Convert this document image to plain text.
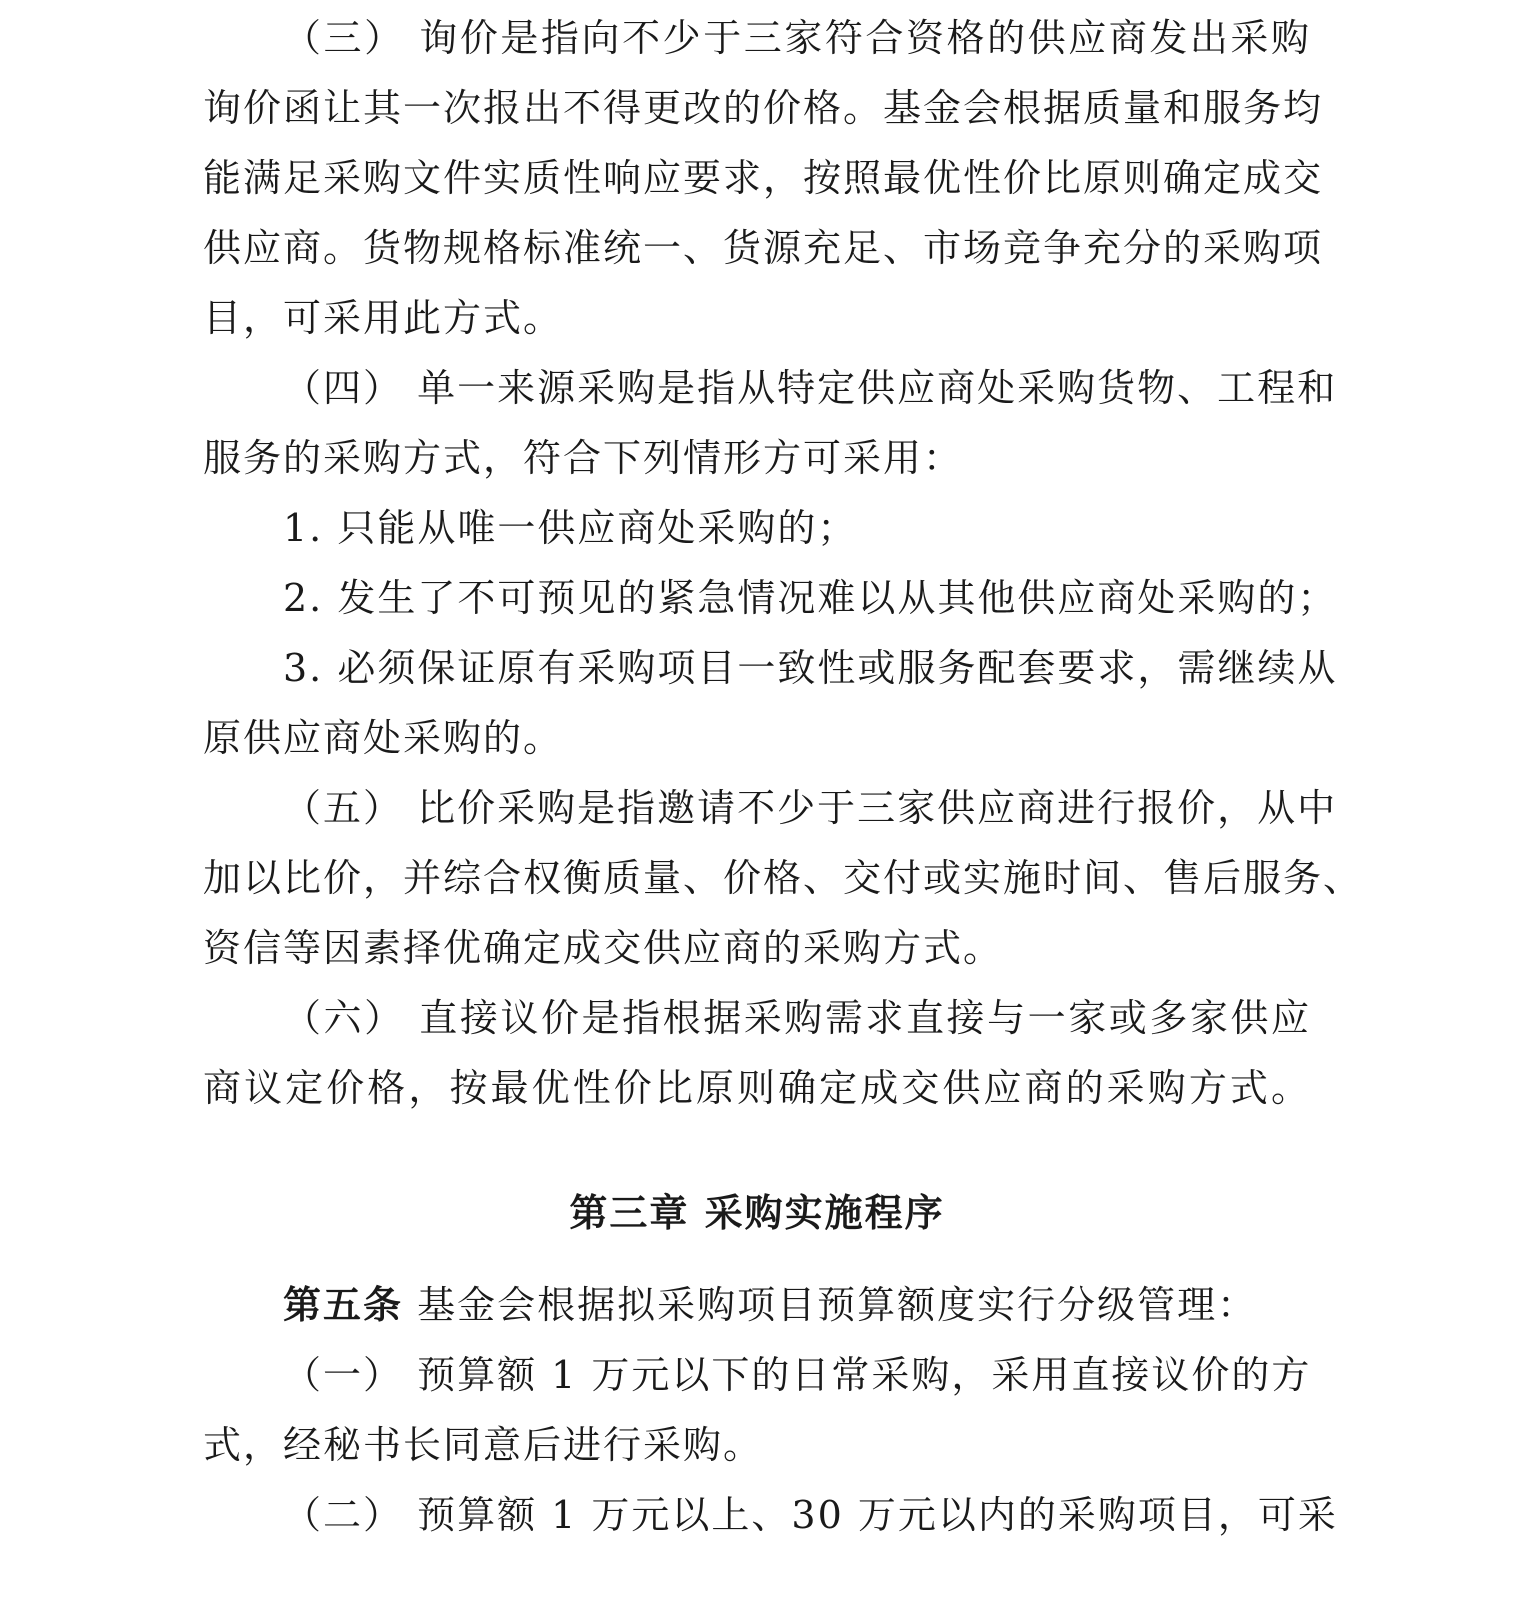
（三） 询价是指向不少于三家符合资格的供应商发出采购
询价函让其一次报出不得更改的价格。基金会根据质量和服务均
能满足采购文件实质性响应要求，按照最优性价比原则确定成交
供应商。货物规格标准统一、货源充足、市场竞争充分的采购项
目，可采用此方式。
（四） 单一来源采购是指从特定供应商处采购货物、工程和
服务的采购方式，符合下列情形方可采用：
1. 只能从唯一供应商处采购的；
2. 发生了不可预见的紧急情况难以从其他供应商处采购的；
3. 必须保证原有采购项目一致性或服务配套要求，需继续从
原供应商处采购的。
（五） 比价采购是指邀请不少于三家供应商进行报价，从中
加以比价，并综合权衡质量、价格、交付或实施时间、售后服务、
资信等因素择优确定成交供应商的采购方式。
（六） 直接议价是指根据采购需求直接与一家或多家供应
商议定价格，按最优性价比原则确定成交供应商的采购方式。
第三章 采购实施程序
第五条 基金会根据拟采购项目预算额度实行分级管理：
（一） 预算额 1 万元以下的日常采购，采用直接议价的方
式，经秘书长同意后进行采购。
（二） 预算额 1 万元以上、30 万元以内的采购项目，可采
